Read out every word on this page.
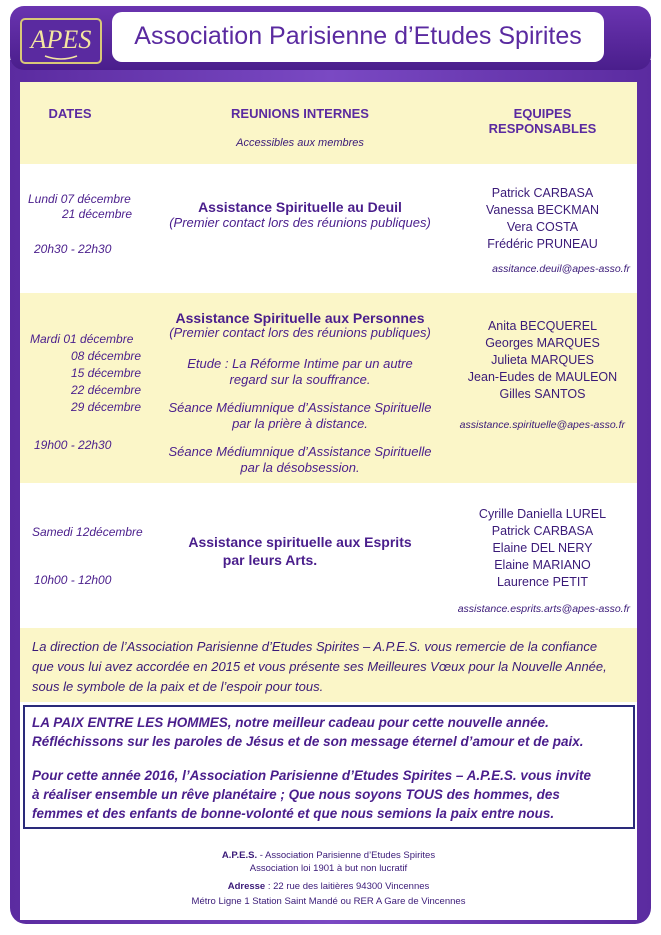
APES	Association Parisienne d’Etudes Spirites
DATES	REUNIONS INTERNES
Accessibles aux membres
EQUIPES
RESPONSABLES
Lundi 07 décembre
21 décembre
20h30 - 22h30
Assistance Spirituelle au Deuil
(Premier contact lors des réunions publiques)
Patrick CARBASA
Vanessa BECKMAN
Vera COSTA
Frédéric PRUNEAU
assitance.deuil@apes-asso.fr
Mardi 01 décembre
08 décembre
15 décembre
22 décembre
29 décembre
19h00 - 22h30
Assistance Spirituelle aux Personnes
(Premier contact lors des réunions publiques)
Etude : La Réforme Intime par un autre
regard sur la souffrance.
Séance Médiumnique d’Assistance Spirituelle
par la prière à distance.
Séance Médiumnique d’Assistance Spirituelle
par la désobsession.
Anita BECQUEREL
Georges MARQUES
Julieta MARQUES
Jean-Eudes de MAULEON
Gilles SANTOS
assistance.spirituelle@apes-asso.fr
Samedi 12décembre
10h00 - 12h00
Assistance spirituelle aux Esprits
par leurs Arts.
Cyrille Daniella LUREL
Patrick CARBASA
Elaine DEL NERY
Elaine MARIANO
Laurence PETIT
assistance.esprits.arts@apes-asso.fr
La direction de l’Association Parisienne d’Etudes Spirites – A.P.E.S. vous remercie de la confiance
que vous lui avez accordée en 2015 et vous présente ses Meilleures Vœux pour la Nouvelle Année,
sous le symbole de la paix et de l’espoir pour tous.
LA PAIX ENTRE LES HOMMES, notre meilleur cadeau pour cette nouvelle année.
Réfléchissons sur les paroles de Jésus et de son message éternel d’amour et de paix.
Pour cette année 2016, l’Association Parisienne d’Etudes Spirites – A.P.E.S. vous invite
à réaliser ensemble un rêve planétaire ; Que nous soyons TOUS des hommes, des
femmes et des enfants de bonne-volonté et que nous semions la paix entre nous.
A.P.E.S. - Association Parisienne d’Etudes Spirites
Association loi 1901 à but non lucratif
Adresse : 22 rue des laitières 94300 Vincennes
Métro Ligne 1 Station Saint Mandé ou RER A Gare de Vincennes
